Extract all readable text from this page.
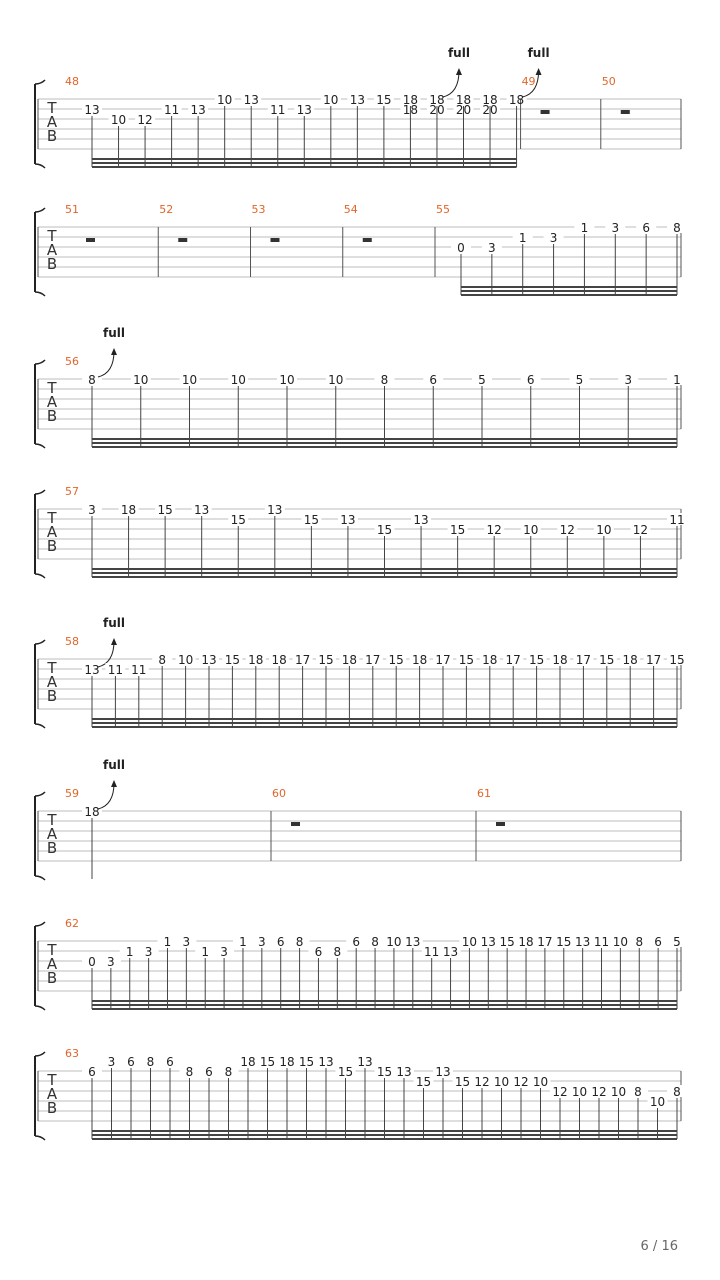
T
A
B
48
13
10 12
11 13
10 13
11 13
10 13 15 18
18
18
20
full
18
20
18
20
18
full
49	50
T
A
B
51	52	53	54	55
0 3
1 3
1 3 6 8
T
A
B
56
8
full
10	10	10	10	10	8	6	5	6	5	3	1
T
A
B
57
3 18 15 13
15
13
15 13
15
13
15 12 10 12 10 12
11
T
A
B
58
13
full
11 11
8 10 13 15 18 18 17 15 18 17 15 18 17 15 18 17 15 18 17 15 18 17 15
T
A
B
59
18
full
60	61
T
A
B
62
0 3
1 3
1 3
1 3
1 3 6 8
6 8
6 8 10 13
11 13
10 13 15 18 17 15 13 11 10 8 6 5
T
A
B
63
6
3 6 8 6
8 6 8
18 15 18 15 13
15
13
15 13
15
13
15 12 10 12 10
12 10 12 10 8
10
8
6 / 16
